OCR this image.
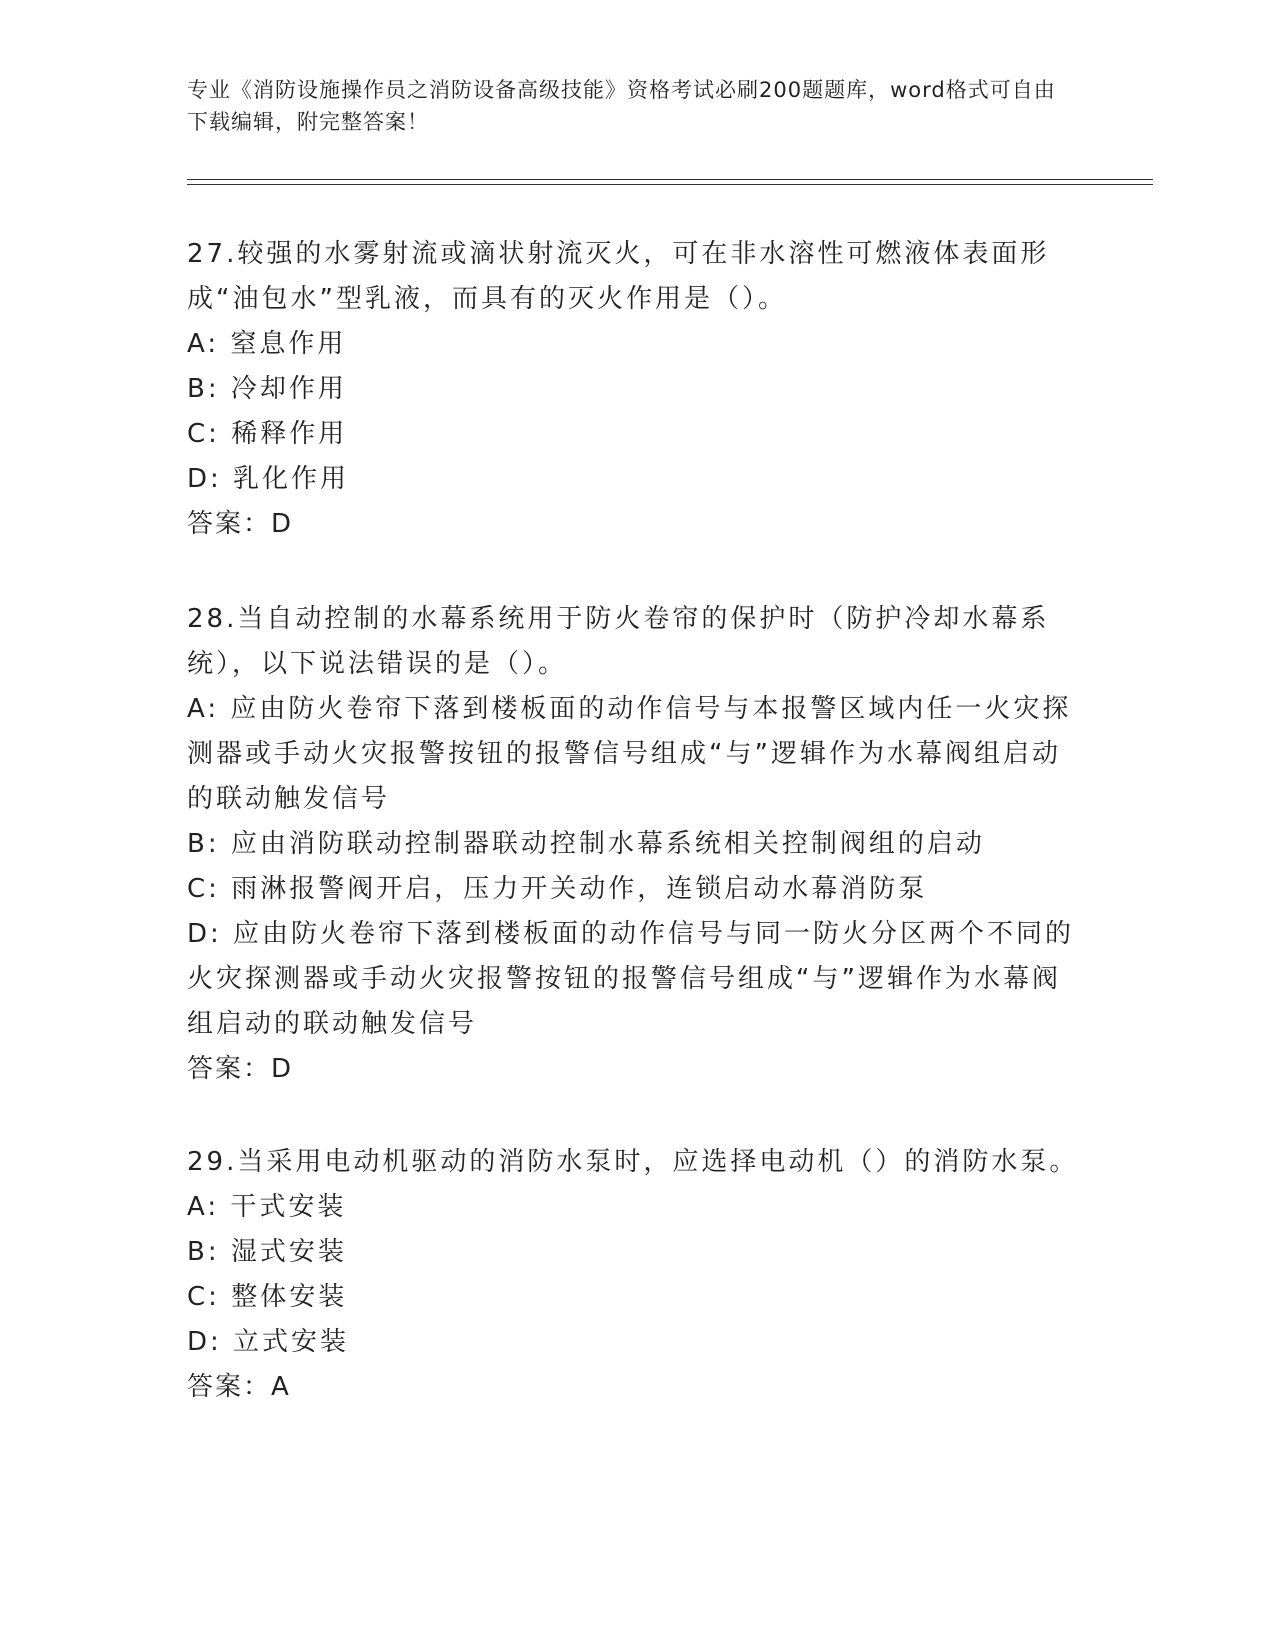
专业《消防设施操作员之消防设备高级技能》资格考试必刷200题题库，word格式可自由下载编辑，附完整答案！
27.较强的水雾射流或滴状射流灭火，可在非水溶性可燃液体表面形成“油包水”型乳液，而具有的灭火作用是（）。
A: 窒息作用
B: 冷却作用
C: 稀释作用
D: 乳化作用
答案：D
28.当自动控制的水幕系统用于防火卷帘的保护时（防护冷却水幕系统），以下说法错误的是（）。
A: 应由防火卷帘下落到楼板面的动作信号与本报警区域内任一火灾探测器或手动火灾报警按钮的报警信号组成“与”逻辑作为水幕阀组启动的联动触发信号
B: 应由消防联动控制器联动控制水幕系统相关控制阀组的启动
C: 雨淋报警阀开启，压力开关动作，连锁启动水幕消防泵
D: 应由防火卷帘下落到楼板面的动作信号与同一防火分区两个不同的火灾探测器或手动火灾报警按钮的报警信号组成“与”逻辑作为水幕阀组启动的联动触发信号
答案：D
29.当采用电动机驱动的消防水泵时，应选择电动机（）的消防水泵。
A: 干式安装
B: 湿式安装
C: 整体安装
D: 立式安装
答案：A
